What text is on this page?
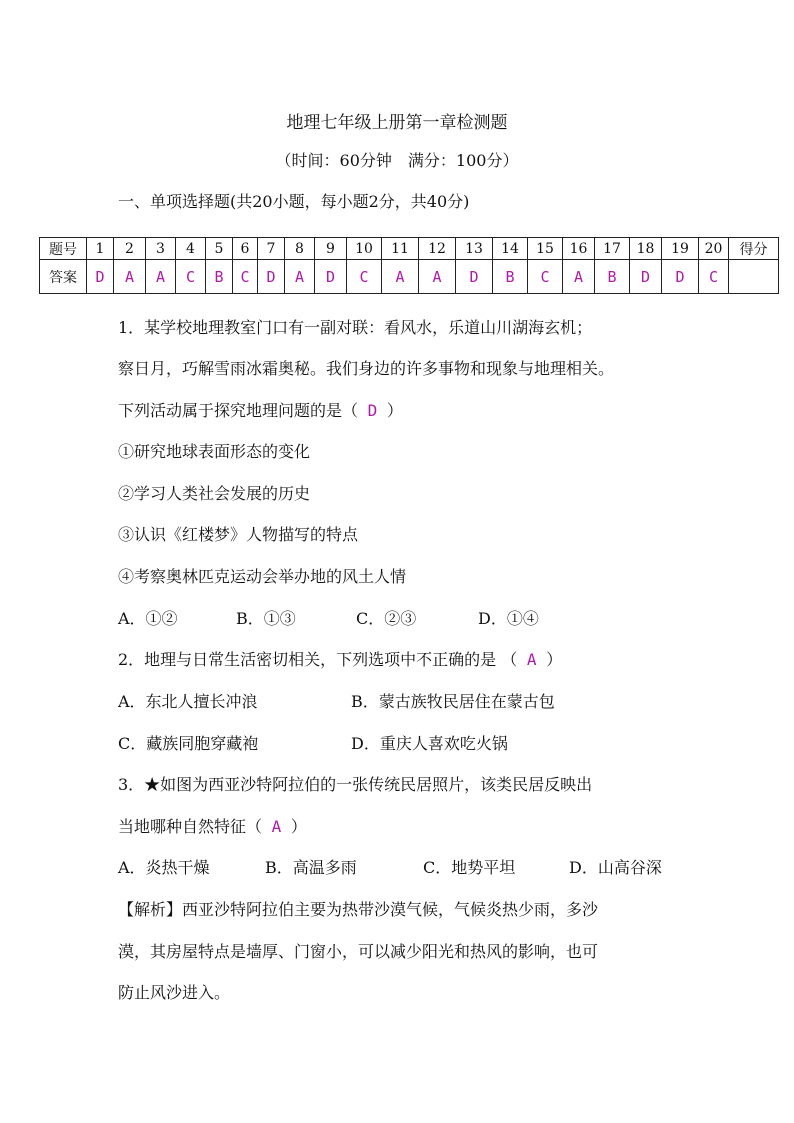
地理七年级上册第一章检测题
（时间：60分钟　满分：100分）
一、单项选择题(共20小题，每小题2分，共40分)
题号	1	2	3	4	5	6	7	8	9	10	11	12	13	14	15	16	17	18	19	20	得分
答案	D	A	A	C	B	C	D	A	D	C	A	A	D	B	C	A	B	D	D	C	
1．某学校地理教室门口有一副对联：看风水，乐道山川湖海玄机；
察日月，巧解雪雨冰霜奥秘。我们身边的许多事物和现象与地理相关。
下列活动属于探究地理问题的是（ D ）
①研究地球表面形态的变化
②学习人类社会发展的历史
③认识《红楼梦》人物描写的特点
④考察奥林匹克运动会举办地的风土人情
A．①②	B．①③	C．②③	D．①④
2．地理与日常生活密切相关，下列选项中不正确的是 （ A ）
A．东北人擅长冲浪	B．蒙古族牧民居住在蒙古包
C．藏族同胞穿藏袍	D．重庆人喜欢吃火锅
3．★如图为西亚沙特阿拉伯的一张传统民居照片，该类民居反映出
当地哪种自然特征（ A ）
A．炎热干燥	B．高温多雨	C．地势平坦	D．山高谷深
【解析】西亚沙特阿拉伯主要为热带沙漠气候，气候炎热少雨，多沙
漠，其房屋特点是墙厚、门窗小，可以减少阳光和热风的影响，也可
防止风沙进入。
